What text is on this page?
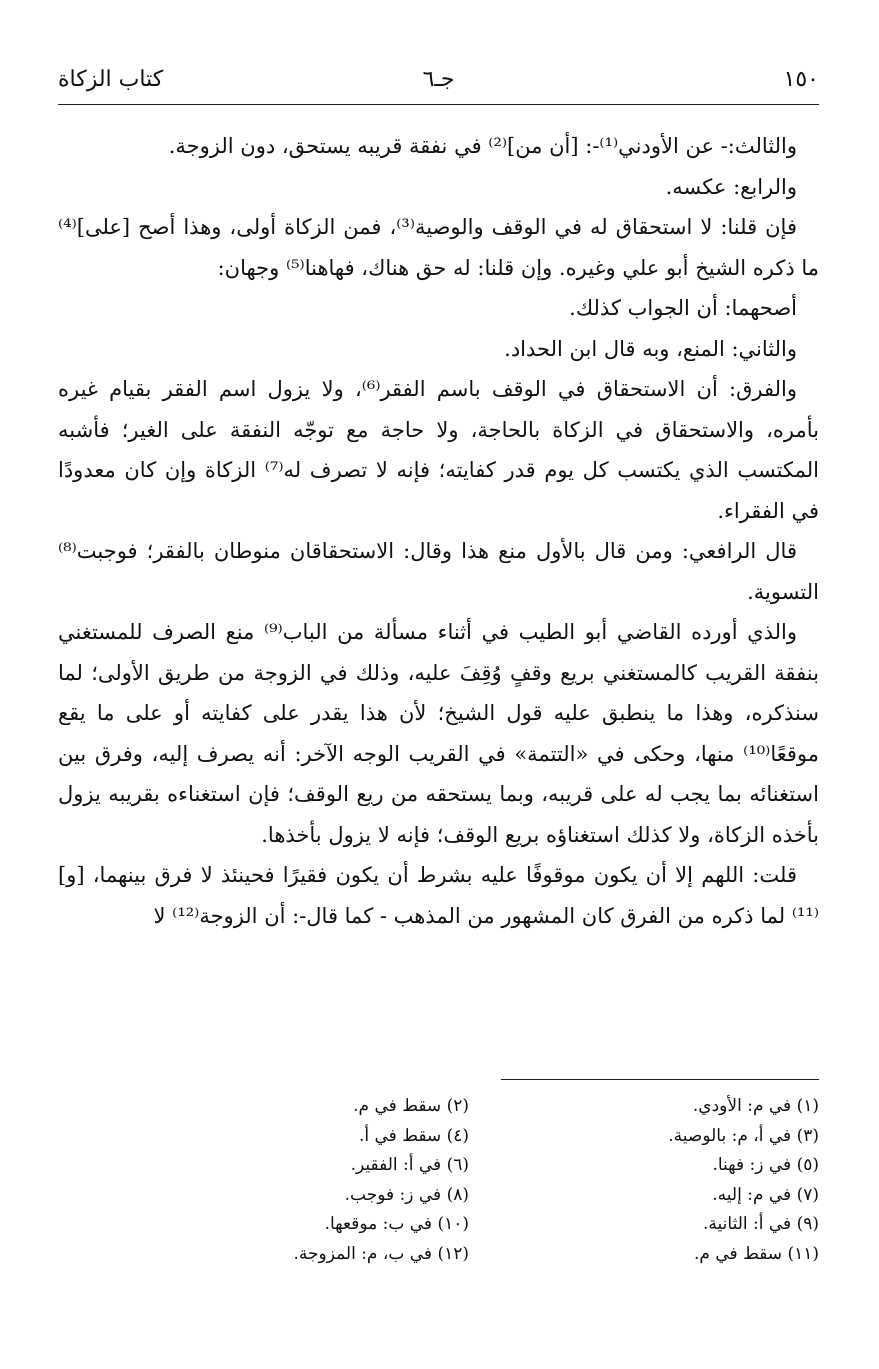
١٥٠
جـ٦
كتاب الزكاة

والثالث:- عن الأودني⁽¹⁾-: [أن من]⁽²⁾ في نفقة قريبه يستحق، دون الزوجة.

والرابع: عكسه.

فإن قلنا: لا استحقاق له في الوقف والوصية⁽³⁾، فمن الزكاة أولى، وهذا أصح [على]⁽⁴⁾ ما ذكره الشيخ أبو علي وغيره. وإن قلنا: له حق هناك، فهاهنا⁽⁵⁾ وجهان:

أصحهما: أن الجواب كذلك.

والثاني: المنع، وبه قال ابن الحداد.

والفرق: أن الاستحقاق في الوقف باسم الفقر⁽⁶⁾، ولا يزول اسم الفقر بقيام غيره بأمره، والاستحقاق في الزكاة بالحاجة، ولا حاجة مع توجّه النفقة على الغير؛ فأشبه المكتسب الذي يكتسب كل يوم قدر كفايته؛ فإنه لا تصرف له⁽⁷⁾ الزكاة وإن كان معدودًا في الفقراء.

قال الرافعي: ومن قال بالأول منع هذا وقال: الاستحقاقان منوطان بالفقر؛ فوجبت⁽⁸⁾ التسوية.

والذي أورده القاضي أبو الطيب في أثناء مسألة من الباب⁽⁹⁾ منع الصرف للمستغني بنفقة القريب كالمستغني بريع وقفٍ وُقِفَ عليه، وذلك في الزوجة من طريق الأولى؛ لما سنذكره، وهذا ما ينطبق عليه قول الشيخ؛ لأن هذا يقدر على كفايته أو على ما يقع موقعًا⁽¹⁰⁾ منها، وحكى في «التتمة» في القريب الوجه الآخر: أنه يصرف إليه، وفرق بين استغنائه بما يجب له على قريبه، وبما يستحقه من ريع الوقف؛ فإن استغناءه بقريبه يزول بأخذه الزكاة، ولا كذلك استغناؤه بريع الوقف؛ فإنه لا يزول بأخذها.

قلت: اللهم إلا أن يكون موقوفًا عليه بشرط أن يكون فقيرًا فحينئذ لا فرق بينهما، [و]⁽¹¹⁾ لما ذكره من الفرق كان المشهور من المذهب - كما قال-: أن الزوجة⁽¹²⁾ لا

(١) في م: الأودي.
(٣) في أ، م: بالوصية.
(٥) في ز: فهنا.
(٧) في م: إليه.
(٩) في أ: الثانية.
(١١) سقط في م.
(٢) سقط في م.
(٤) سقط في أ.
(٦) في أ: الفقير.
(٨) في ز: فوجب.
(١٠) في ب: موقعها.
(١٢) في ب، م: المزوجة.
